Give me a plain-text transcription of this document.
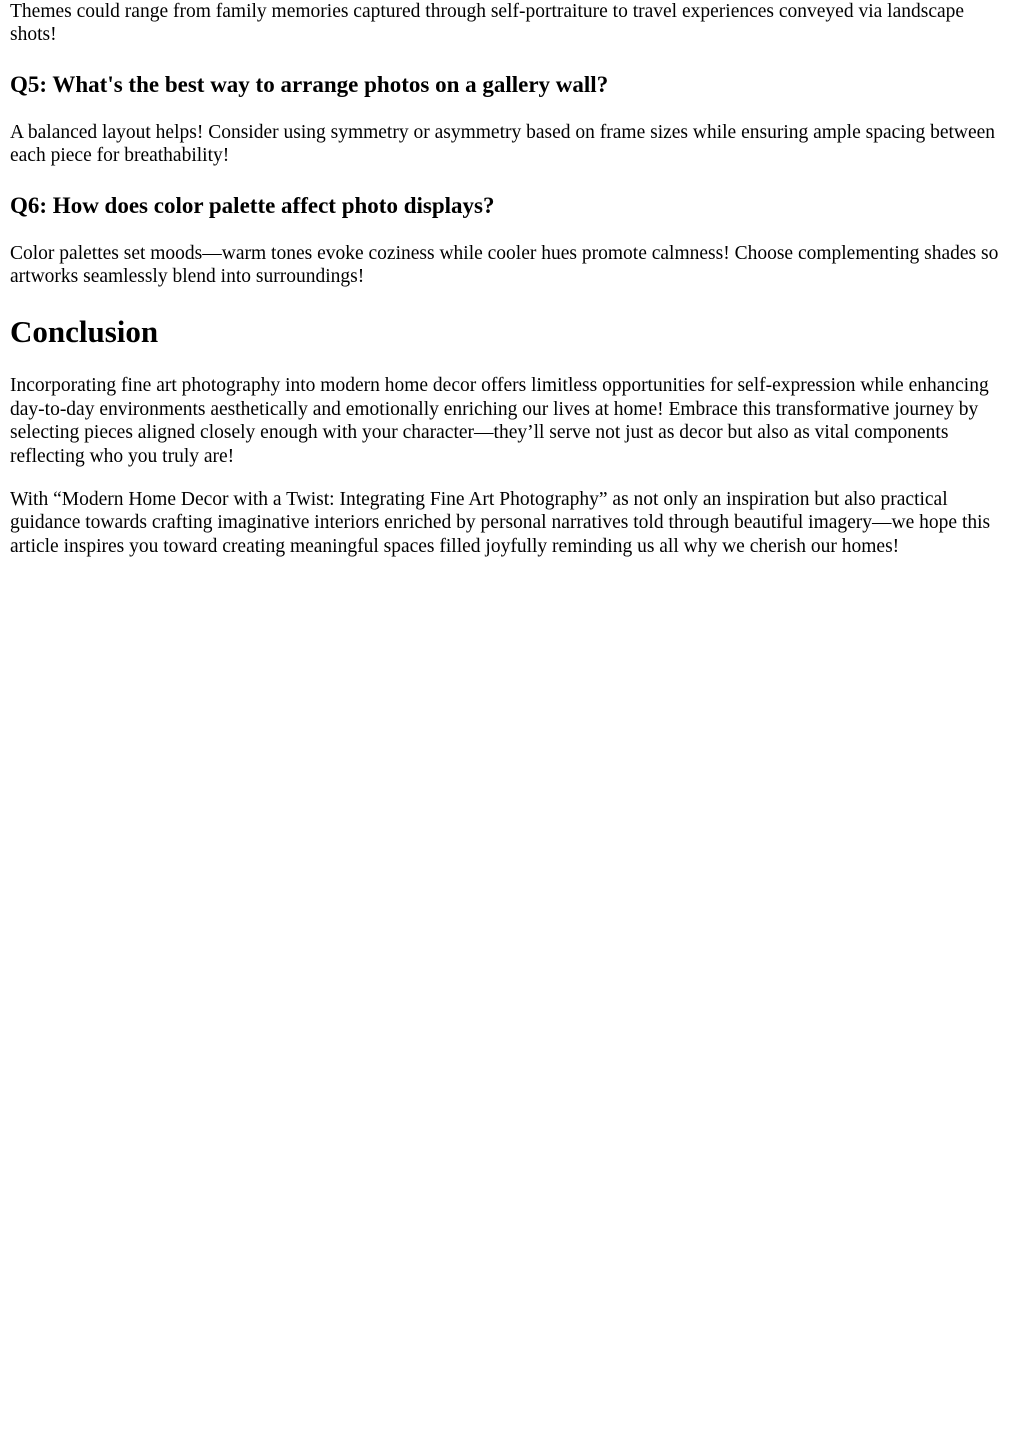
Themes could range from family memories captured through self-portraiture to travel experiences conveyed via landscape shots!

Q5: What's the best way to arrange photos on a gallery wall?

A balanced layout helps! Consider using symmetry or asymmetry based on frame sizes while ensuring ample spacing between each piece for breathability!

Q6: How does color palette affect photo displays?

Color palettes set moods—warm tones evoke coziness while cooler hues promote calmness! Choose complementing shades so artworks seamlessly blend into surroundings!

Conclusion

Incorporating fine art photography into modern home decor offers limitless opportunities for self-expression while enhancing day-to-day environments aesthetically and emotionally enriching our lives at home! Embrace this transformative journey by selecting pieces aligned closely enough with your character—they’ll serve not just as decor but also as vital components reflecting who you truly are!

With “Modern Home Decor with a Twist: Integrating Fine Art Photography” as not only an inspiration but also practical guidance towards crafting imaginative interiors enriched by personal narratives told through beautiful imagery—we hope this article inspires you toward creating meaningful spaces filled joyfully reminding us all why we cherish our homes!
